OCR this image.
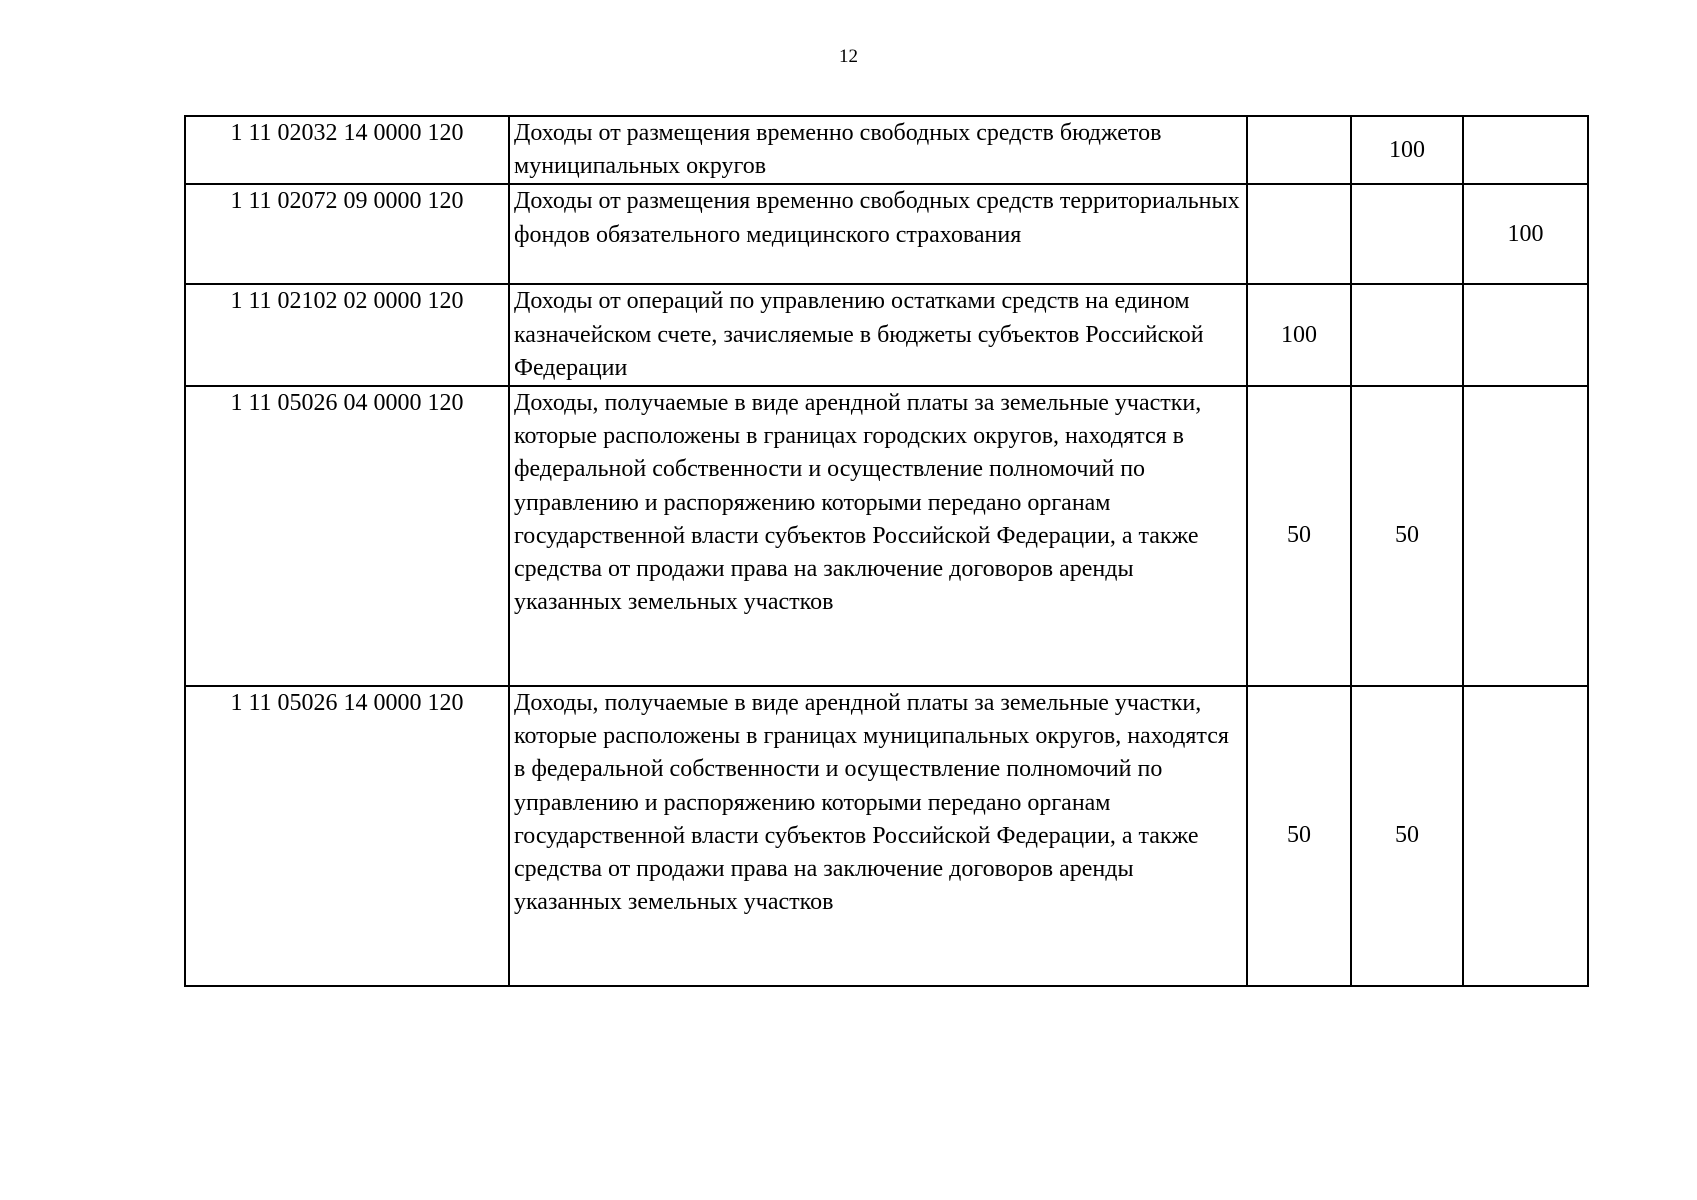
12
1 11 02032 14 0000 120	Доходы от размещения временно свободных средств бюджетов муниципальных округов		100	
1 11 02072 09 0000 120	Доходы от размещения временно свободных средств территориальных фондов обязательного медицинского страхования			100
1 11 02102 02 0000 120	Доходы от операций по управлению остатками средств на едином казначейском счете, зачисляемые в бюджеты субъектов Российской Федерации	100		
1 11 05026 04 0000 120	Доходы, получаемые в виде арендной платы за земельные участки, которые расположены в границах городских округов, находятся в федеральной собственности и осуществление полномочий по управлению и распоряжению которыми передано органам государственной власти субъектов Российской Федерации, а также средства от продажи права на заключение договоров аренды указанных земельных участков	50	50	
1 11 05026 14 0000 120	Доходы, получаемые в виде арендной платы за земельные участки, которые расположены в границах муниципальных округов, находятся в федеральной собственности и осуществление полномочий по управлению и распоряжению которыми передано органам государственной власти субъектов Российской Федерации, а также средства от продажи права на заключение договоров аренды указанных земельных участков	50	50	
